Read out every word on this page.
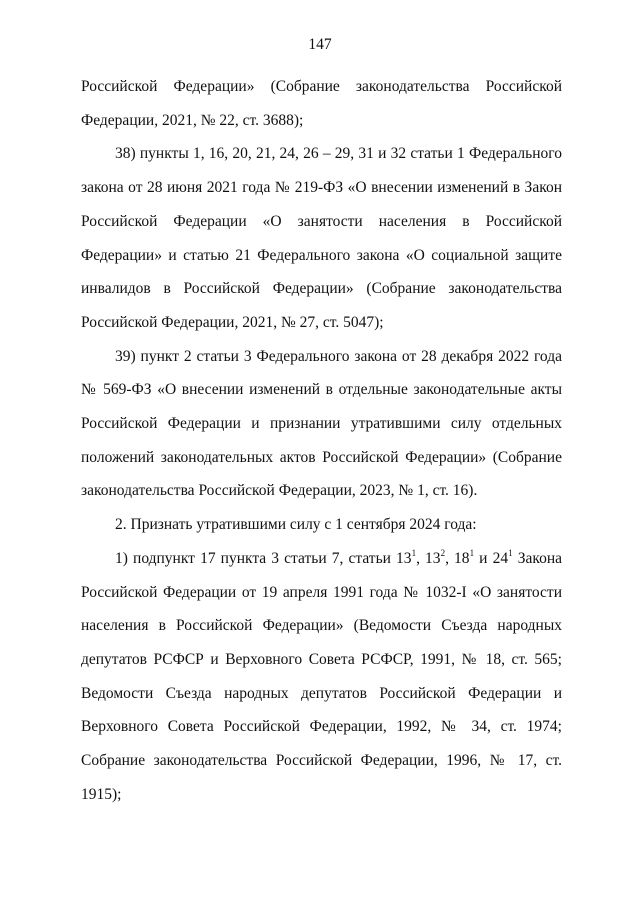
147

Российской Федерации» (Собрание законодательства Российской Федерации, 2021, № 22, ст. 3688);

38) пункты 1, 16, 20, 21, 24, 26 – 29, 31 и 32 статьи 1 Федерального закона от 28 июня 2021 года № 219-ФЗ «О внесении изменений в Закон Российской Федерации «О занятости населения в Российской Федерации» и статью 21 Федерального закона «О социальной защите инвалидов в Российской Федерации» (Собрание законодательства Российской Федерации, 2021, № 27, ст. 5047);

39) пункт 2 статьи 3 Федерального закона от 28 декабря 2022 года № 569-ФЗ «О внесении изменений в отдельные законодательные акты Российской Федерации и признании утратившими силу отдельных положений законодательных актов Российской Федерации» (Собрание законодательства Российской Федерации, 2023, № 1, ст. 16).

2. Признать утратившими силу с 1 сентября 2024 года:

1) подпункт 17 пункта 3 статьи 7, статьи $13^1$, $13^2$, $18^1$ и $24^1$ Закона Российской Федерации от 19 апреля 1991 года № 1032-I «О занятости населения в Российской Федерации» (Ведомости Съезда народных депутатов РСФСР и Верховного Совета РСФСР, 1991, № 18, ст. 565; Ведомости Съезда народных депутатов Российской Федерации и Верховного Совета Российской Федерации, 1992, № 34, ст. 1974; Собрание законодательства Российской Федерации, 1996, № 17, ст. 1915);
